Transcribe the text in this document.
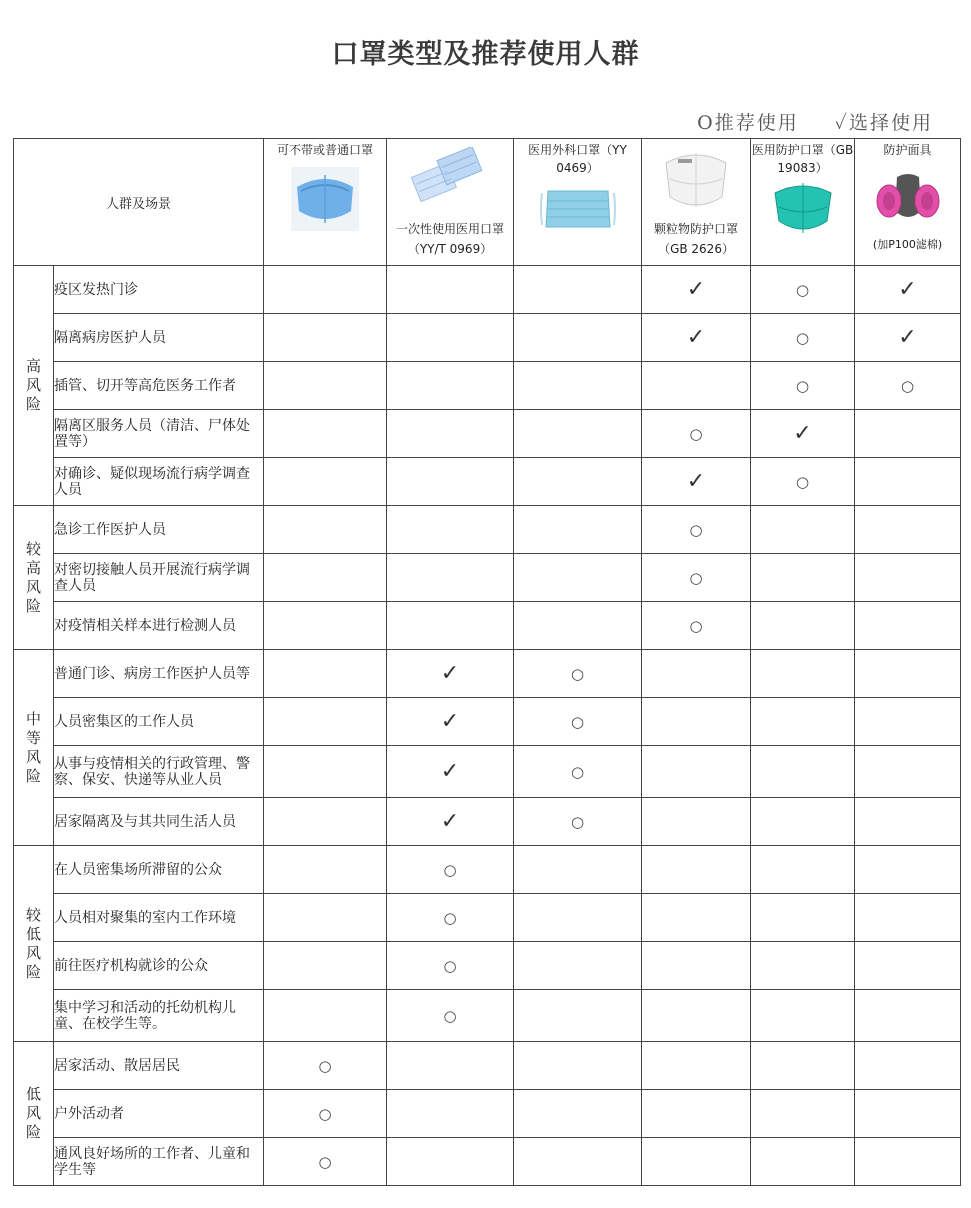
口罩类型及推荐使用人群
O推荐使用 ✓选择使用
人群及场景		可不带或普通口罩	一次性使用医用口罩（YY/T 0969）	医用外科口罩（YY 0469）	颗粒物防护口罩（GB 2626）	医用防护口罩（GB 19083）	防护面具
(加P100滤棉)

高风险	疫区发热门诊				✓	○	✓
	隔离病房医护人员				✓	○	✓
	插管、切开等高危医务工作者					○	○
	隔离区服务人员（清洁、尸体处置等）				○	✓	
	对确诊、疑似现场流行病学调查人员				✓	○	
较高风险	急诊工作医护人员				○		
	对密切接触人员开展流行病学调查人员				○		
	对疫情相关样本进行检测人员				○		
中等风险	普通门诊、病房工作医护人员等		✓	○			
	人员密集区的工作人员		✓	○			
	从事与疫情相关的行政管理、警察、保安、快递等从业人员		✓	○			
	居家隔离及与其共同生活人员		✓	○			
较低风险	在人员密集场所滞留的公众		○				
	人员相对聚集的室内工作环境		○				
	前往医疗机构就诊的公众		○				
	集中学习和活动的托幼机构儿童、在校学生等。		○				
低风险	居家活动、散居居民	○					
	户外活动者	○					
	通风良好场所的工作者、儿童和学生等	○					
